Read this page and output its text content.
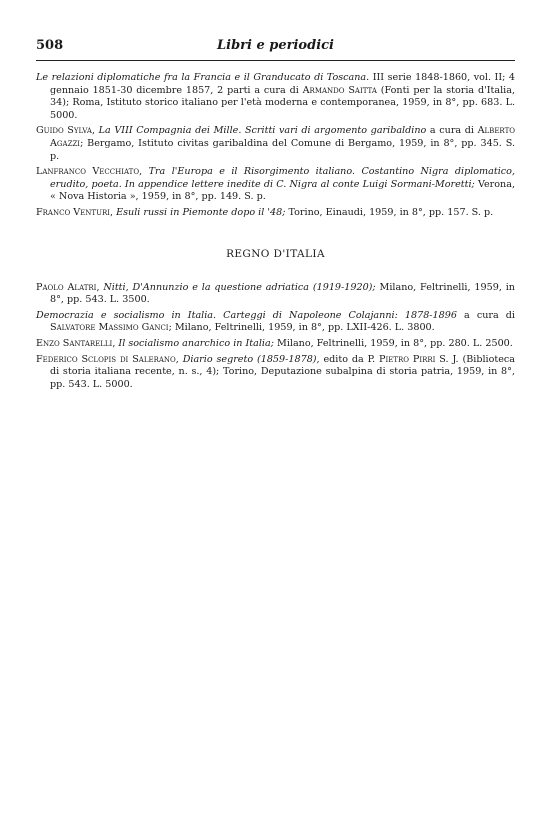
508	Libri e periodici

Le relazioni diplomatiche fra la Francia e il Granducato di Toscana. III serie 1848-1860, vol. II; 4 gennaio 1851-30 dicembre 1857, 2 parti a cura di Armando Saitta (Fonti per la storia d'Italia, 34); Roma, Istituto storico italiano per l'età moderna e contemporanea, 1959, in 8°, pp. 683. L. 5000.

Guido Sylva, La VIII Compagnia dei Mille. Scritti vari di argomento garibaldino a cura di Alberto Agazzi; Bergamo, Istituto civitas garibaldina del Comune di Bergamo, 1959, in 8°, pp. 345. S. p.

Lanfranco Vecchiato, Tra l'Europa e il Risorgimento italiano. Costantino Nigra diplomatico, erudito, poeta. In appendice lettere inedite di C. Nigra al conte Luigi Sormani-Moretti; Verona, « Nova Historia », 1959, in 8°, pp. 149. S. p.

Franco Venturi, Esuli russi in Piemonte dopo il '48; Torino, Einaudi, 1959, in 8°, pp. 157. S. p.

REGNO D'ITALIA

Paolo Alatri, Nitti, D'Annunzio e la questione adriatica (1919-1920); Milano, Feltrinelli, 1959, in 8°, pp. 543. L. 3500.

Democrazia e socialismo in Italia. Carteggi di Napoleone Colajanni: 1878-1896 a cura di Salvatore Massimo Ganci; Milano, Feltrinelli, 1959, in 8°, pp. LXII-426. L. 3800.

Enzo Santarelli, Il socialismo anarchico in Italia; Milano, Feltrinelli, 1959, in 8°, pp. 280. L. 2500.

Federico Sclopis di Salerano, Diario segreto (1859-1878), edito da P. Pietro Pirri S. J. (Biblioteca di storia italiana recente, n. s., 4); Torino, Deputazione subalpina di storia patria, 1959, in 8°, pp. 543. L. 5000.
